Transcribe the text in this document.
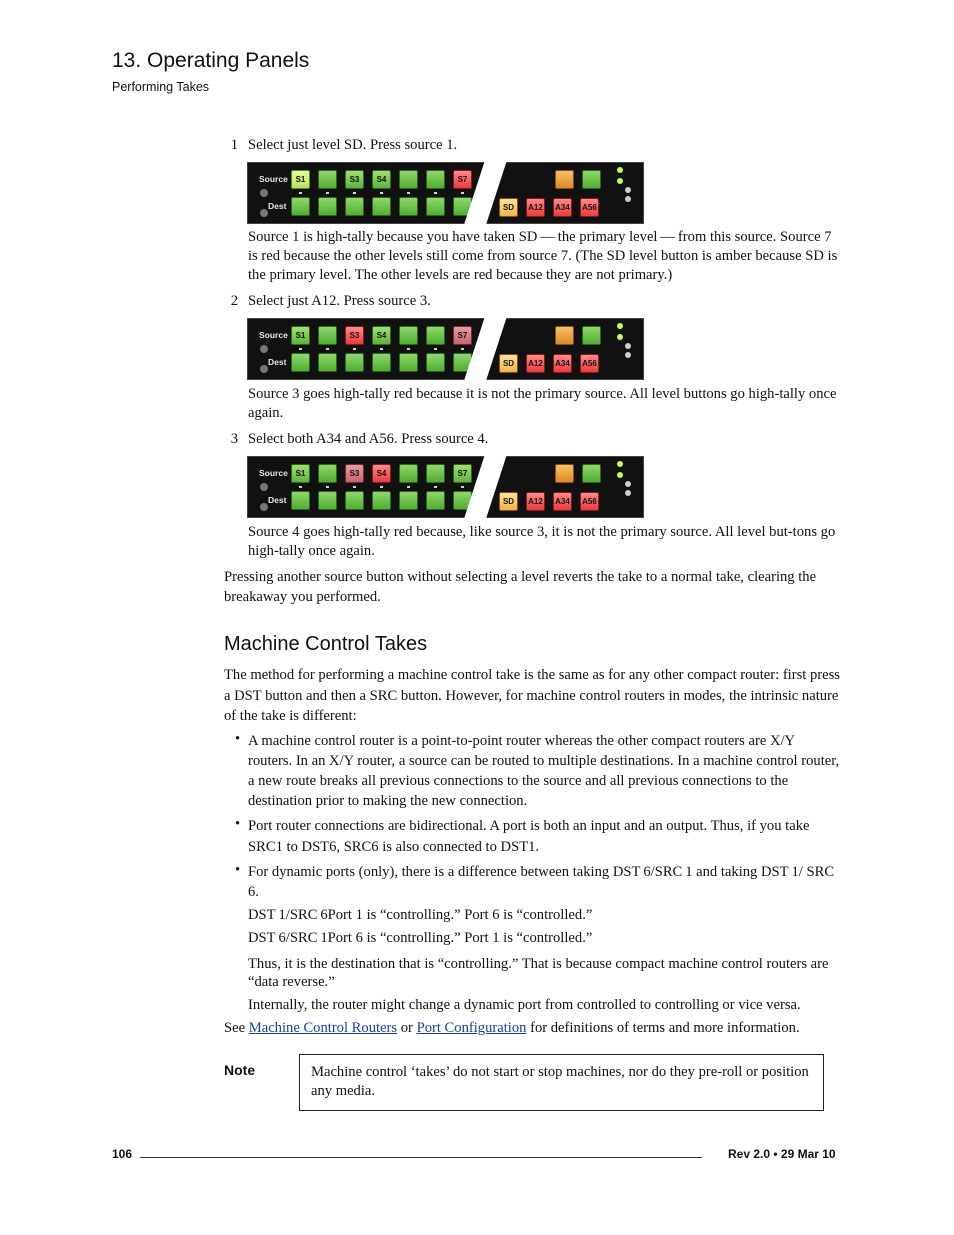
13. Operating Panels
Performing Takes
1 Select just level SD. Press source 1.
Source
Dest
S1	S3	S4	S7
SD	A12 A34 A56
Source 1 is high-tally because you have taken SD — the primary level — from this source. Source 7 is red because the other levels still come from source 7. (The SD level button is amber because SD is the primary level. The other levels are red because they are not primary.)
2 Select just A12. Press source 3.
Source
Dest
S1	S3	S4	S7
SD	A12 A34 A56
Source 3 goes high-tally red because it is not the primary source. All level buttons go high-tally once again.
3 Select both A34 and A56. Press source 4.
Source
Dest
S1	S3	S4	S7
SD	A12 A34 A56
Source 4 goes high-tally red because, like source 3, it is not the primary source. All level but-tons go high-tally once again.
Pressing another source button without selecting a level reverts the take to a normal take, clearing the breakaway you performed.
Machine Control Takes
The method for performing a machine control take is the same as for any other compact router: first press a DST button and then a SRC button. However, for machine control routers in modes, the intrinsic nature of the take is different:
• A machine control router is a point-to-point router whereas the other compact routers are X/Y routers. In an X/Y router, a source can be routed to multiple destinations. In a machine control router, a new route breaks all previous connections to the source and all previous connections to the destination prior to making the new connection.
• Port router connections are bidirectional. A port is both an input and an output. Thus, if you take SRC1 to DST6, SRC6 is also connected to DST1.
• For dynamic ports (only), there is a difference between taking DST 6/SRC 1 and taking DST 1/ SRC 6.
DST 1/SRC 6Port 1 is “controlling.” Port 6 is “controlled.”
DST 6/SRC 1Port 6 is “controlling.” Port 1 is “controlled.”
Thus, it is the destination that is “controlling.” That is because compact machine control routers are “data reverse.”
Internally, the router might change a dynamic port from controlled to controlling or vice versa.
See Machine Control Routers or Port Configuration for definitions of terms and more information.
Note	Machine control ‘takes’ do not start or stop machines, nor do they pre-roll or position any media.
106	Rev 2.0 • 29 Mar 10
